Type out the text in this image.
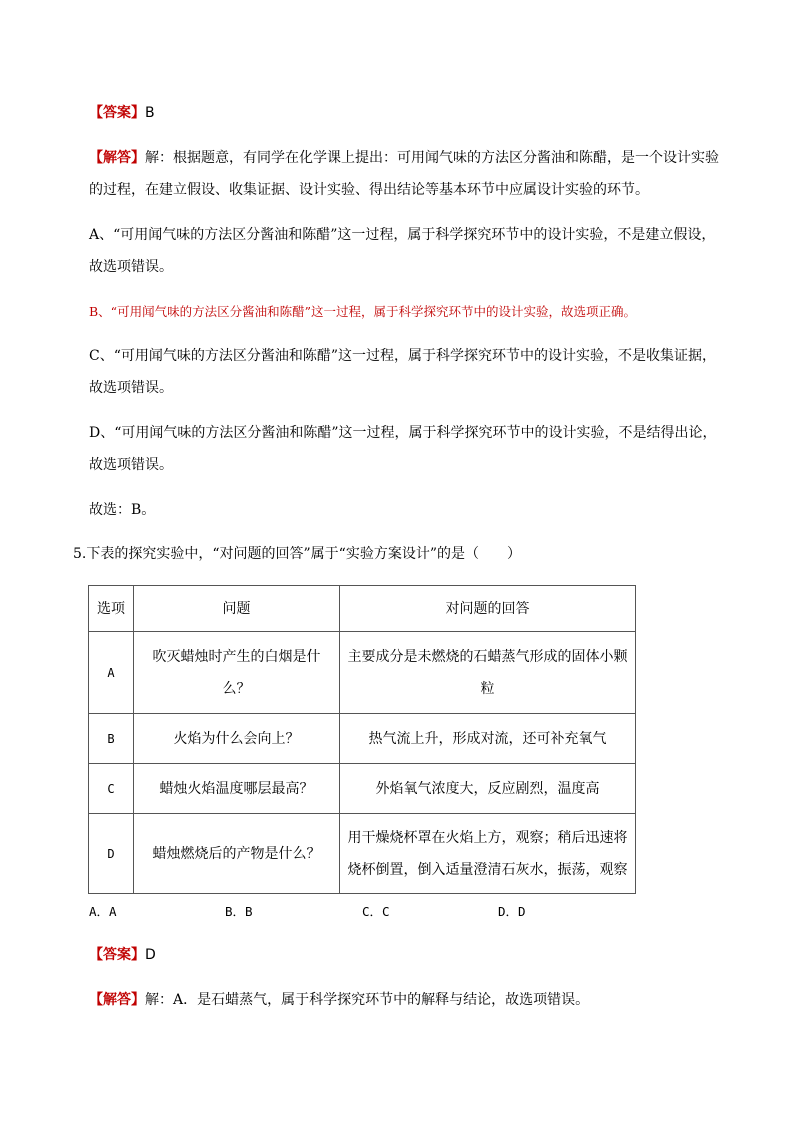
【答案】B
【解答】解：根据题意，有同学在化学课上提出：可用闻气味的方法区分酱油和陈醋，是一个设计实验
的过程，在建立假设、收集证据、设计实验、得出结论等基本环节中应属设计实验的环节。
A、“可用闻气味的方法区分酱油和陈醋”这一过程，属于科学探究环节中的设计实验，不是建立假设，
故选项错误。
B、“可用闻气味的方法区分酱油和陈醋”这一过程，属于科学探究环节中的设计实验，故选项正确。
C、“可用闻气味的方法区分酱油和陈醋”这一过程，属于科学探究环节中的设计实验，不是收集证据，
故选项错误。
D、“可用闻气味的方法区分酱油和陈醋”这一过程，属于科学探究环节中的设计实验，不是结得出论，
故选项错误。
故选：B。
5.下表的探究实验中，“对问题的回答”属于“实验方案设计”的是（　　）
选项	问题	对问题的回答
A	吹灭蜡烛时产生的白烟是什么？	主要成分是未燃烧的石蜡蒸气形成的固体小颗粒
B	火焰为什么会向上？	热气流上升，形成对流，还可补充氧气
C	蜡烛火焰温度哪层最高？	外焰氧气浓度大，反应剧烈，温度高
D	蜡烛燃烧后的产物是什么？	用干燥烧杯罩在火焰上方，观察；稍后迅速将烧杯倒置，倒入适量澄清石灰水，振荡，观察
A．A	B．B	C．C	D．D
【答案】D
【解答】解：A．是石蜡蒸气，属于科学探究环节中的解释与结论，故选项错误。
